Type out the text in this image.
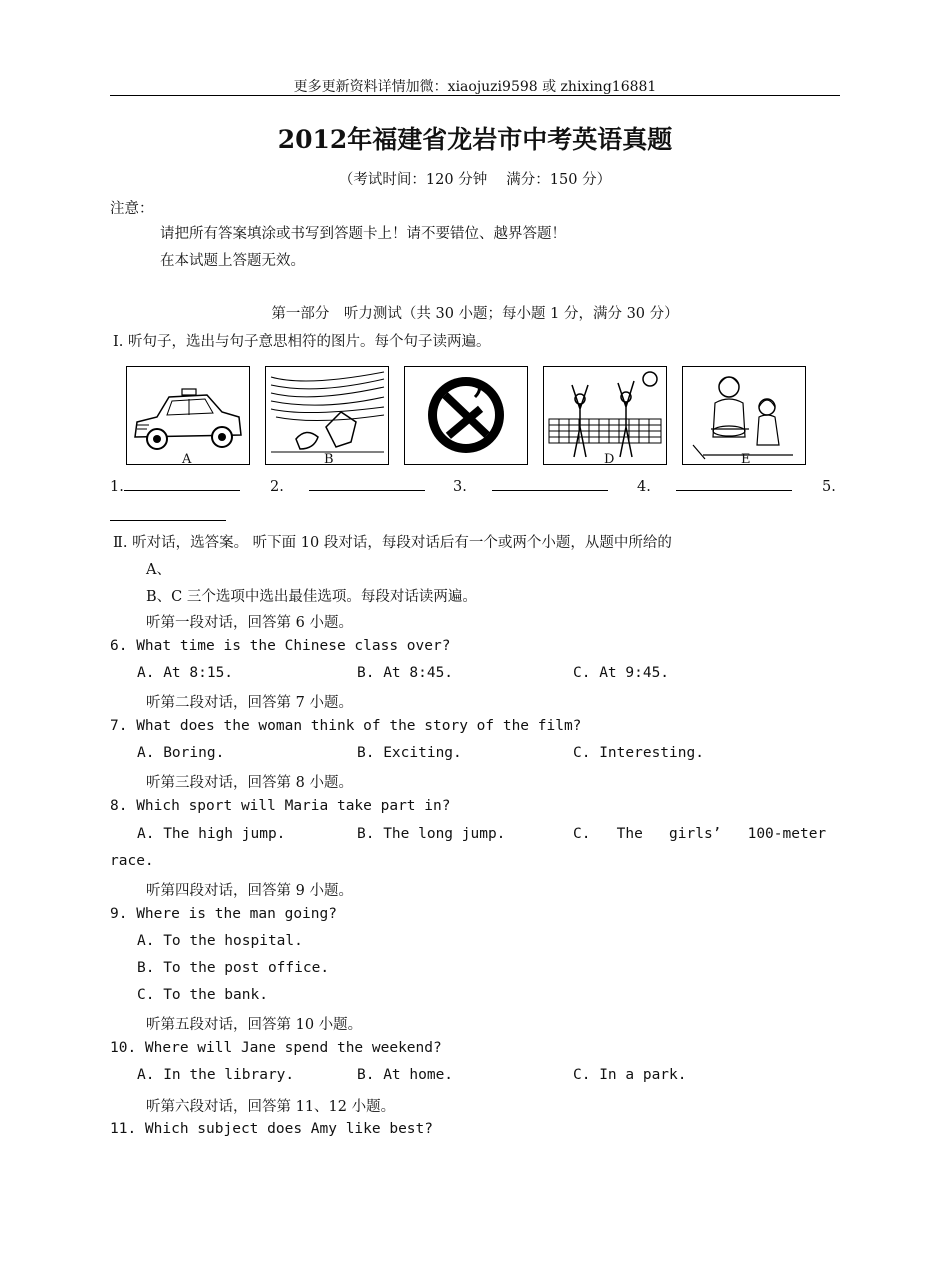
更多更新资料详情加微：xiaojuzi9598 或 zhixing16881
2012年福建省龙岩市中考英语真题
（考试时间：120 分钟　 满分：150 分）
注意：
请把所有答案填涂或书写到答题卡上！请不要错位、越界答题！
在本试题上答题无效。
第一部分　听力测试（共 30 小题；每小题 1 分，满分 30 分）
Ⅰ. 听句子，选出与句子意思相符的图片。每个句子读两遍。
A	B	D	E
1.	2.	3.	4.	5.
Ⅱ. 听对话，选答案。 听下面 10 段对话，每段对话后有一个或两个小题，从题中所给的
A、
B、C 三个选项中选出最佳选项。每段对话读两遍。
听第一段对话，回答第 6 小题。
6. What time is the Chinese class over?
A. At 8:15.	B. At 8:45.	C. At 9:45.
听第二段对话，回答第 7 小题。
7. What does the woman think of the story of the film?
A. Boring.	B. Exciting.	C. Interesting.
听第三段对话，回答第 8 小题。
8. Which sport will Maria take part in?
A. The high jump.	B. The long jump.	C.   The   girls’   100-meter
race.
听第四段对话，回答第 9 小题。
9. Where is the man going?
A. To the hospital.
B. To the post office.
C. To the bank.
听第五段对话，回答第 10 小题。
10. Where will Jane spend the weekend?
A. In the library.	B. At home.	C. In a park.
听第六段对话，回答第 11、12 小题。
11. Which subject does Amy like best?
